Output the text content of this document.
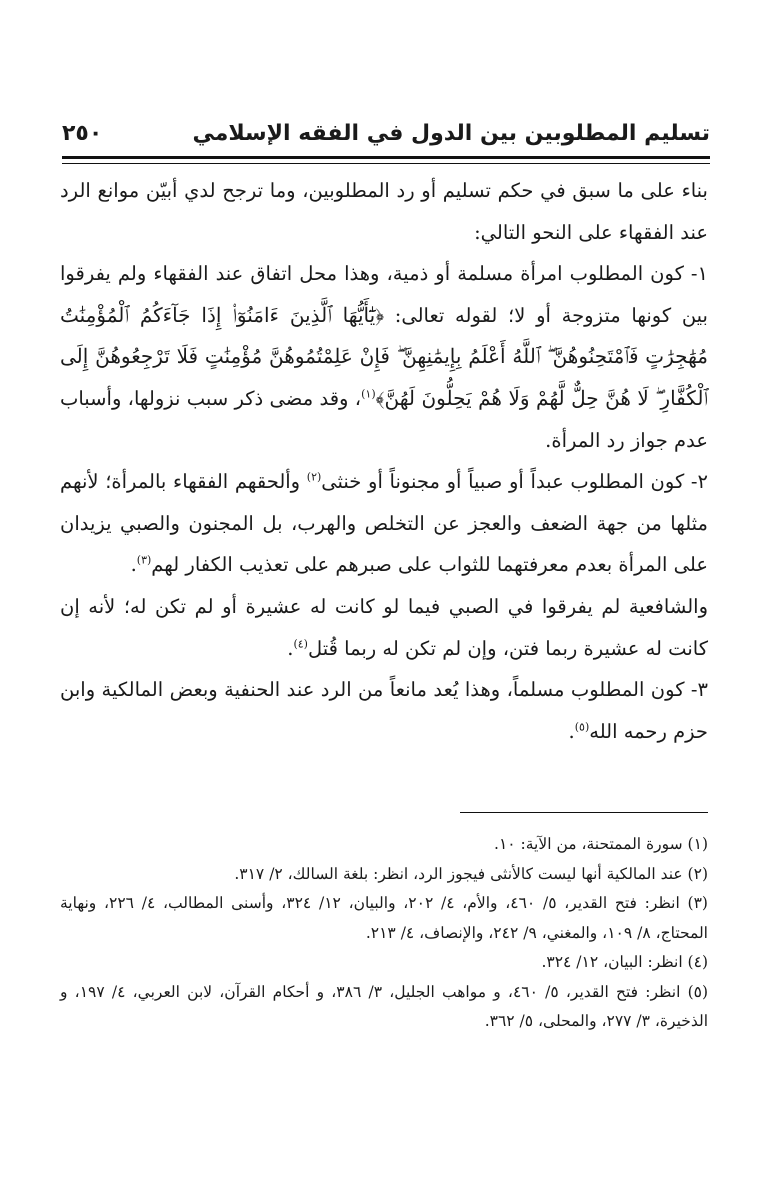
تسليم المطلوبين بين الدول في الفقه الإسلامي
٢٥٠

بناء على ما سبق في حكم تسليم أو رد المطلوبين، وما ترجح لدي أبيّن موانع الرد عند الفقهاء على النحو التالي:

١- كون المطلوب امرأة مسلمة أو ذمية، وهذا محل اتفاق عند الفقهاء ولم يفرقوا بين كونها متزوجة أو لا؛ لقوله تعالى: ﴿يَٰٓأَيُّهَا ٱلَّذِينَ ءَامَنُوٓا۟ إِذَا جَآءَكُمُ ٱلْمُؤْمِنَٰتُ مُهَٰجِرَٰتٍ فَٱمْتَحِنُوهُنَّ ۖ ٱللَّهُ أَعْلَمُ بِإِيمَٰنِهِنَّ ۖ فَإِنْ عَلِمْتُمُوهُنَّ مُؤْمِنَٰتٍ فَلَا تَرْجِعُوهُنَّ إِلَى ٱلْكُفَّارِ ۖ لَا هُنَّ حِلٌّ لَّهُمْ وَلَا هُمْ يَحِلُّونَ لَهُنَّ﴾$^{(١)}$، وقد مضى ذكر سبب نزولها، وأسباب عدم جواز رد المرأة.

٢- كون المطلوب عبداً أو صبياً أو مجنوناً أو خنثى$^{(٢)}$ وألحقهم الفقهاء بالمرأة؛ لأنهم مثلها من جهة الضعف والعجز عن التخلص والهرب، بل المجنون والصبي يزيدان على المرأة بعدم معرفتهما للثواب على صبرهم على تعذيب الكفار لهم$^{(٣)}$.

والشافعية لم يفرقوا في الصبي فيما لو كانت له عشيرة أو لم تكن له؛ لأنه إن كانت له عشيرة ربما فتن، وإن لم تكن له ربما قُتل$^{(٤)}$.

٣- كون المطلوب مسلماً، وهذا يُعد مانعاً من الرد عند الحنفية وبعض المالكية وابن حزم رحمه الله$^{(٥)}$.

(١) سورة الممتحنة، من الآية: ١٠.

(٢) عند المالكية أنها ليست كالأنثى فيجوز الرد، انظر: بلغة السالك، ٢/ ٣١٧.

(٣) انظر: فتح القدير، ٥/ ٤٦٠، والأم، ٤/ ٢٠٢، والبيان، ١٢/ ٣٢٤، وأسنى المطالب، ٤/ ٢٢٦، ونهاية المحتاج، ٨/ ١٠٩، والمغني، ٩/ ٢٤٢، والإنصاف، ٤/ ٢١٣.

(٤) انظر: البيان، ١٢/ ٣٢٤.

(٥) انظر: فتح القدير، ٥/ ٤٦٠، و مواهب الجليل، ٣/ ٣٨٦، و أحكام القرآن، لابن العربي، ٤/ ١٩٧، و الذخيرة، ٣/ ٢٧٧، والمحلى، ٥/ ٣٦٢.
